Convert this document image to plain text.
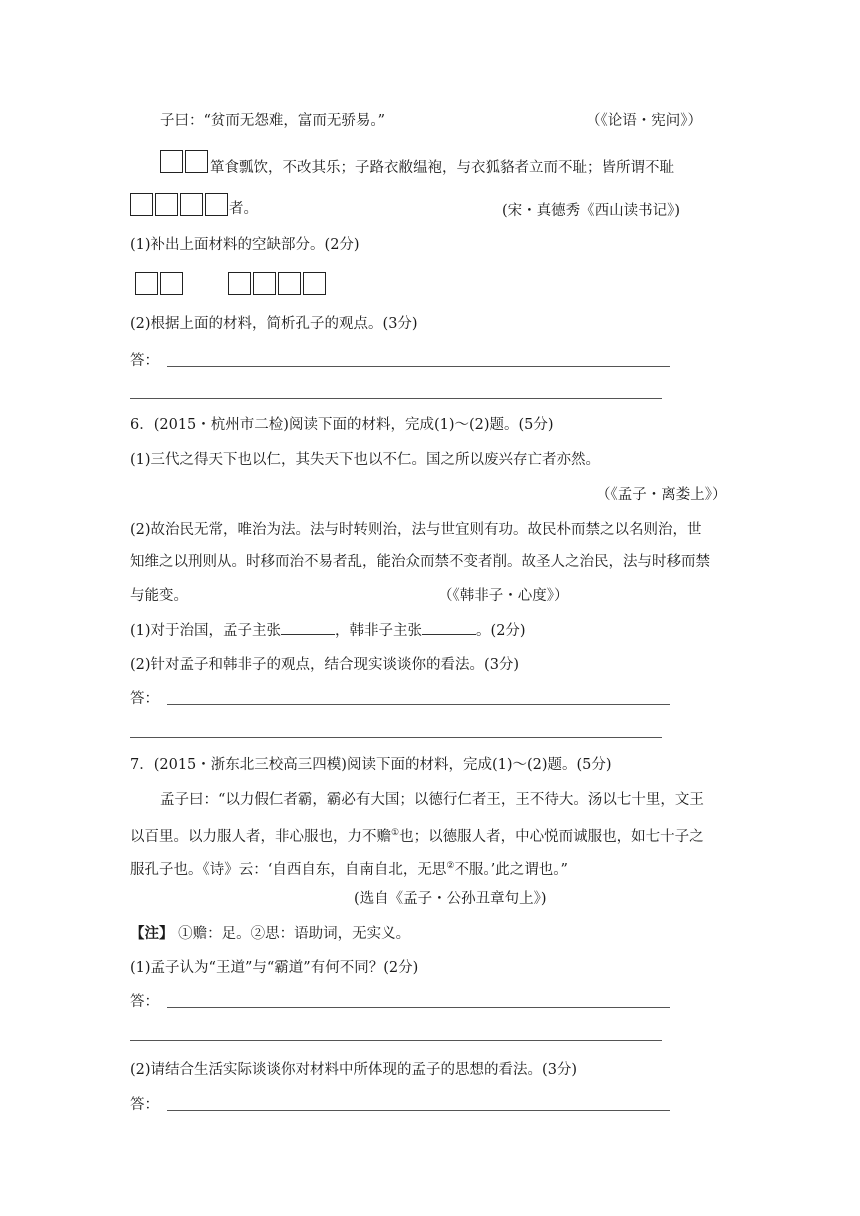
子曰：“贫而无怨难，富而无骄易。”	（《论语・宪问》）
箪食瓢饮，不改其乐；子路衣敝缊袍，与衣狐貉者立而不耻；皆所谓不耻
者。	(宋・真德秀《西山读书记》)
(1)补出上面材料的空缺部分。(2分)
(2)根据上面的材料，简析孔子的观点。(3分)
答：
6．(2015・杭州市二检)阅读下面的材料，完成(1)～(2)题。(5分)
(1)三代之得天下也以仁，其失天下也以不仁。国之所以废兴存亡者亦然。
（《孟子・离娄上》）
(2)故治民无常，唯治为法。法与时转则治，法与世宜则有功。故民朴而禁之以名则治，世
知维之以刑则从。时移而治不易者乱，能治众而禁不变者削。故圣人之治民，法与时移而禁
与能变。	（《韩非子・心度》）
(1)对于治国，孟子主张	，韩非子主张	。(2分)
(2)针对孟子和韩非子的观点，结合现实谈谈你的看法。(3分)
答：
7．(2015・浙东北三校高三四模)阅读下面的材料，完成(1)～(2)题。(5分)
孟子曰：“以力假仁者霸，霸必有大国；以德行仁者王，王不待大。汤以七十里，文王
以百里。以力服人者，非心服也，力不赡①也；以德服人者，中心悦而诚服也，如七十子之
服孔子也。《诗》云：‘自西自东，自南自北，无思②不服。’此之谓也。”
(选自《孟子・公孙丑章句上》)
【注】 ①赡：足。②思：语助词，无实义。
(1)孟子认为“王道”与“霸道”有何不同？(2分)
答：
(2)请结合生活实际谈谈你对材料中所体现的孟子的思想的看法。(3分)
答：
